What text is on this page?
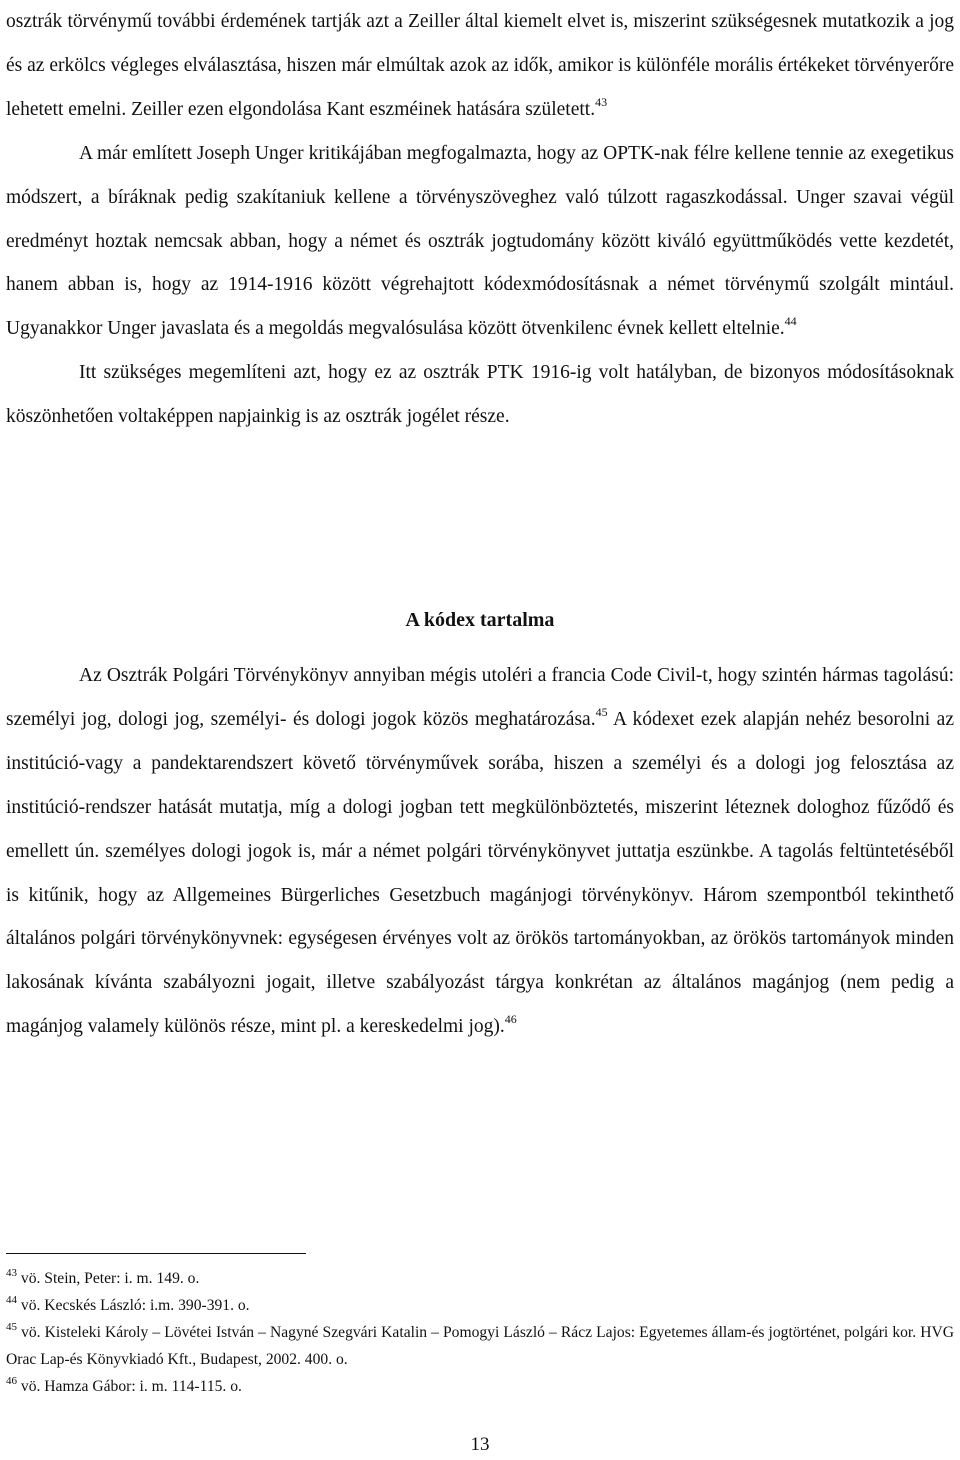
osztrák törvénymű további érdemének tartják azt a Zeiller által kiemelt elvet is, miszerint szükségesnek mutatkozik a jog és az erkölcs végleges elválasztása, hiszen már elmúltak azok az idők, amikor is különféle morális értékeket törvényerőre lehetett emelni. Zeiller ezen elgondolása Kant eszméinek hatására született.$^{43}$

A már említett Joseph Unger kritikájában megfogalmazta, hogy az OPTK-nak félre kellene tennie az exegetikus módszert, a bíráknak pedig szakítaniuk kellene a törvényszöveghez való túlzott ragaszkodással. Unger szavai végül eredményt hoztak nemcsak abban, hogy a német és osztrák jogtudomány között kiváló együttműködés vette kezdetét, hanem abban is, hogy az 1914-1916 között végrehajtott kódexmódosításnak a német törvénymű szolgált mintául. Ugyanakkor Unger javaslata és a megoldás megvalósulása között ötvenkilenc évnek kellett eltelnie.$^{44}$

Itt szükséges megemlíteni azt, hogy ez az osztrák PTK 1916-ig volt hatályban, de bizonyos módosításoknak köszönhetően voltaképpen napjainkig is az osztrák jogélet része.

A kódex tartalma

Az Osztrák Polgári Törvénykönyv annyiban mégis utoléri a francia Code Civil-t, hogy szintén hármas tagolású: személyi jog, dologi jog, személyi- és dologi jogok közös meghatározása.$^{45}$ A kódexet ezek alapján nehéz besorolni az institúció-vagy a pandektarendszert követő törvényművek sorába, hiszen a személyi és a dologi jog felosztása az institúció-rendszer hatását mutatja, míg a dologi jogban tett megkülönböztetés, miszerint léteznek dologhoz fűződő és emellett ún. személyes dologi jogok is, már a német polgári törvénykönyvet juttatja eszünkbe. A tagolás feltüntetéséből is kitűnik, hogy az Allgemeines Bürgerliches Gesetzbuch magánjogi törvénykönyv. Három szempontból tekinthető általános polgári törvénykönyvnek: egységesen érvényes volt az örökös tartományokban, az örökös tartományok minden lakosának kívánta szabályozni jogait, illetve szabályozást tárgya konkrétan az általános magánjog (nem pedig a magánjog valamely különös része, mint pl. a kereskedelmi jog).$^{46}$

$^{43}$ vö. Stein, Peter: i. m. 149. o.

$^{44}$ vö. Kecskés László: i.m. 390-391. o.

$^{45}$ vö. Kisteleki Károly – Lövétei István – Nagyné Szegvári Katalin – Pomogyi László – Rácz Lajos: Egyetemes állam-és jogtörténet, polgári kor. HVG Orac Lap-és Könyvkiadó Kft., Budapest, 2002. 400. o.

$^{46}$ vö. Hamza Gábor: i. m. 114-115. o.

13
